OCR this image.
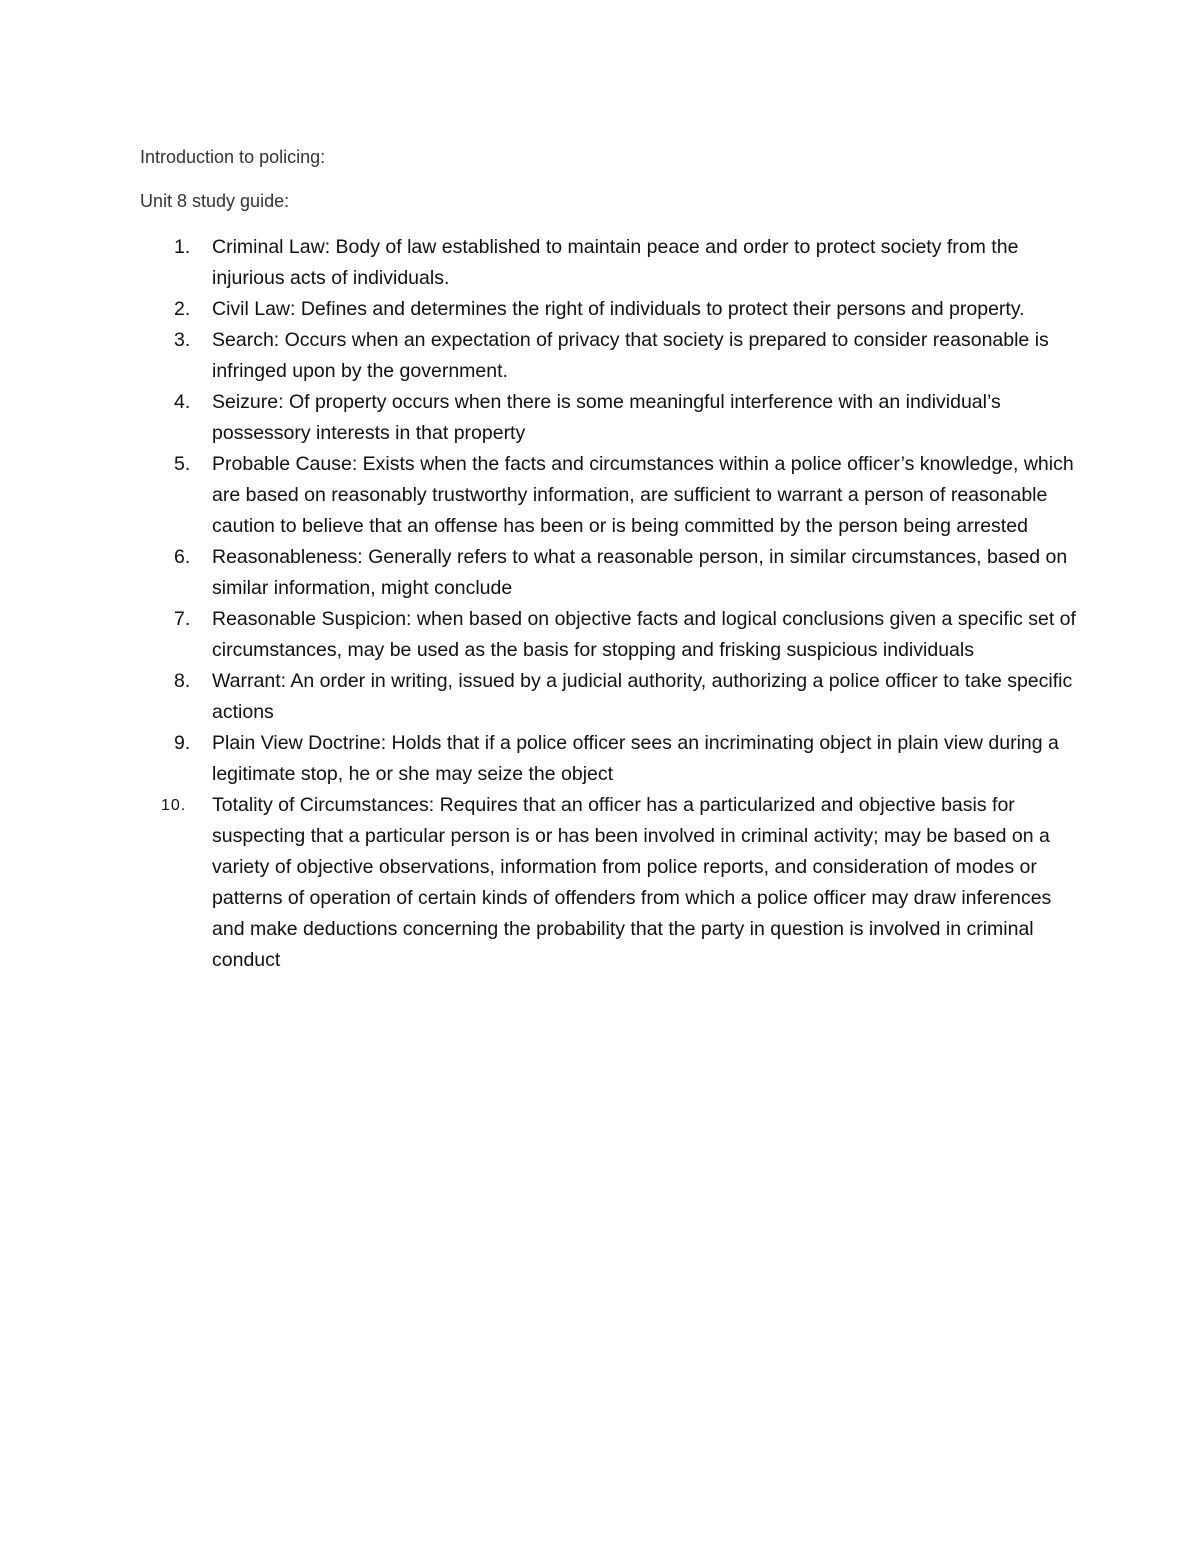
Introduction to policing:
Unit 8 study guide:
1.	Criminal Law: Body of law established to maintain peace and order to protect society from the injurious acts of individuals.
2.	Civil Law: Defines and determines the right of individuals to protect their persons and property.
3.	Search: Occurs when an expectation of privacy that society is prepared to consider reasonable is infringed upon by the government.
4.	Seizure: Of property occurs when there is some meaningful interference with an individual’s possessory interests in that property
5.	Probable Cause: Exists when the facts and circumstances within a police officer’s knowledge, which are based on reasonably trustworthy information, are sufficient to warrant a person of reasonable caution to believe that an offense has been or is being committed by the person being arrested
6.	Reasonableness: Generally refers to what a reasonable person, in similar circumstances, based on similar information, might conclude
7.	Reasonable Suspicion: when based on objective facts and logical conclusions given a specific set of circumstances, may be used as the basis for stopping and frisking suspicious individuals
8.	Warrant: An order in writing, issued by a judicial authority, authorizing a police officer to take specific actions
9.	Plain View Doctrine: Holds that if a police officer sees an incriminating object in plain view during a legitimate stop, he or she may seize the object
10.	Totality of Circumstances: Requires that an officer has a particularized and objective basis for suspecting that a particular person is or has been involved in criminal activity; may be based on a variety of objective observations, information from police reports, and consideration of modes or patterns of operation of certain kinds of offenders from which a police officer may draw inferences and make deductions concerning the probability that the party in question is involved in criminal conduct
